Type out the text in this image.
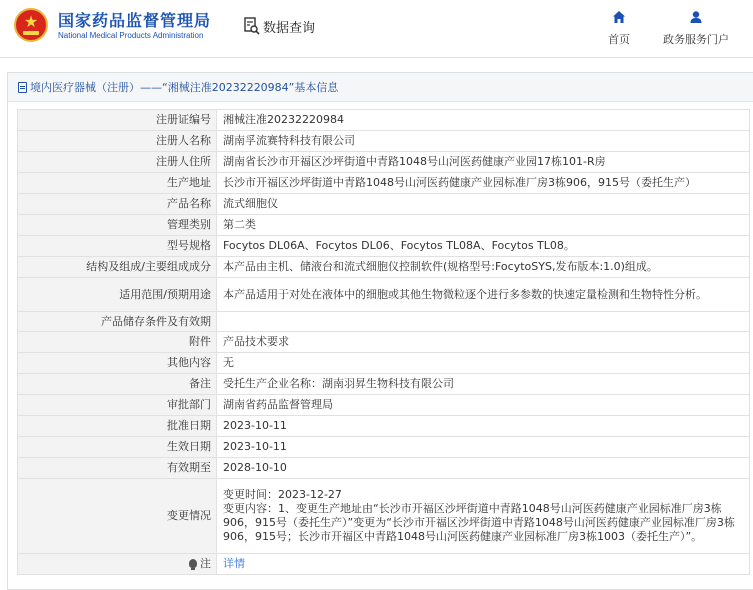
★	国家药品监督管理局
National Medical Products Administration	数据查询
首页	政务服务门户
境内医疗器械（注册）——“湘械注准20232220984”基本信息
注册证编号	湘械注准20232220984
注册人名称	湖南孚流赛特科技有限公司
注册人住所	湖南省长沙市开福区沙坪街道中青路1048号山河医药健康产业园17栋101-R房
生产地址	长沙市开福区沙坪街道中青路1048号山河医药健康产业园标准厂房3栋906，915号（委托生产）
产品名称	流式细胞仪
管理类别	第二类
型号规格	Focytos DL06A、Focytos DL06、Focytos TL08A、Focytos TL08。
结构及组成/主要组成成分	本产品由主机、储液台和流式细胞仪控制软件(规格型号:FocytoSYS,发布版本:1.0)组成。
适用范围/预期用途	本产品适用于对处在液体中的细胞或其他生物微粒逐个进行多参数的快速定量检测和生物特性分析。
产品储存条件及有效期	
附件	产品技术要求
其他内容	无
备注	受托生产企业名称：湖南羽昇生物科技有限公司
审批部门	湖南省药品监督管理局
批准日期	2023-10-11
生效日期	2023-10-11
有效期至	2028-10-10
变更情况	变更时间：2023-12-27
变更内容：1、变更生产地址由“长沙市开福区沙坪街道中青路1048号山河医药健康产业园标准厂房3栋906，915号（委托生产）”变更为“长沙市开福区沙坪街道中青路1048号山河医药健康产业园标准厂房3栋906，915号；长沙市开福区中青路1048号山河医药健康产业园标准厂房3栋1003（委托生产）”。
注	详情
